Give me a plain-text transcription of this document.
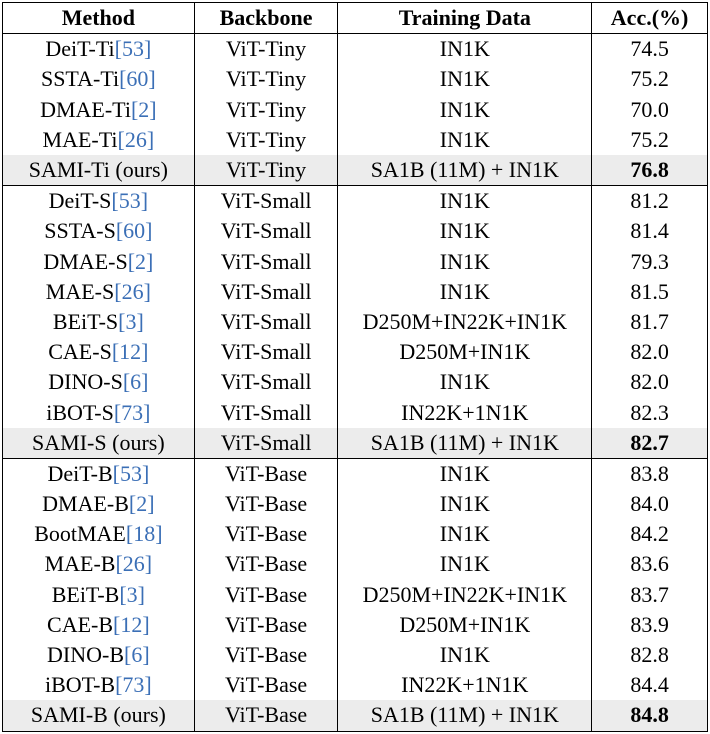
Method	Backbone	Training Data	Acc.(%)
DeiT-Ti[53]	ViT-Tiny	IN1K	74.5
SSTA-Ti[60]	ViT-Tiny	IN1K	75.2
DMAE-Ti[2]	ViT-Tiny	IN1K	70.0
MAE-Ti[26]	ViT-Tiny	IN1K	75.2
SAMI-Ti (ours)	ViT-Tiny	SA1B (11M) + IN1K	76.8
DeiT-S[53]	ViT-Small	IN1K	81.2
SSTA-S[60]	ViT-Small	IN1K	81.4
DMAE-S[2]	ViT-Small	IN1K	79.3
MAE-S[26]	ViT-Small	IN1K	81.5
BEiT-S[3]	ViT-Small	D250M+IN22K+IN1K	81.7
CAE-S[12]	ViT-Small	D250M+IN1K	82.0
DINO-S[6]	ViT-Small	IN1K	82.0
iBOT-S[73]	ViT-Small	IN22K+1N1K	82.3
SAMI-S (ours)	ViT-Small	SA1B (11M) + IN1K	82.7
DeiT-B[53]	ViT-Base	IN1K	83.8
DMAE-B[2]	ViT-Base	IN1K	84.0
BootMAE[18]	ViT-Base	IN1K	84.2
MAE-B[26]	ViT-Base	IN1K	83.6
BEiT-B[3]	ViT-Base	D250M+IN22K+IN1K	83.7
CAE-B[12]	ViT-Base	D250M+IN1K	83.9
DINO-B[6]	ViT-Base	IN1K	82.8
iBOT-B[73]	ViT-Base	IN22K+1N1K	84.4
SAMI-B (ours)	ViT-Base	SA1B (11M) + IN1K	84.8
